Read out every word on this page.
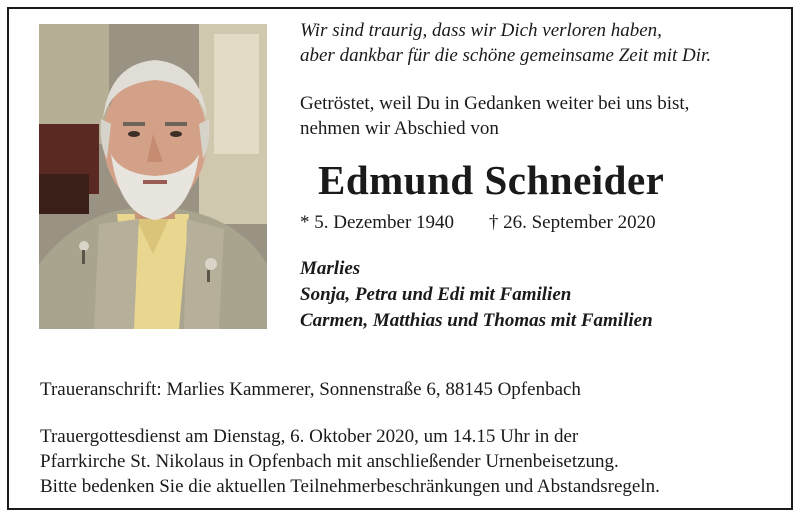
Wir sind traurig, dass wir Dich verloren haben,
aber dankbar für die schöne gemeinsame Zeit mit Dir.
Getröstet, weil Du in Gedanken weiter bei uns bist,
nehmen wir Abschied von
Edmund Schneider
* 5. Dezember 1940 † 26. September 2020
Marlies
Sonja, Petra und Edi mit Familien
Carmen, Matthias und Thomas mit Familien
Traueranschrift: Marlies Kammerer, Sonnenstraße 6, 88145 Opfenbach
Trauergottesdienst am Dienstag, 6. Oktober 2020, um 14.15 Uhr in der
Pfarrkirche St. Nikolaus in Opfenbach mit anschließender Urnenbeisetzung.
Bitte bedenken Sie die aktuellen Teilnehmerbeschränkungen und Abstandsregeln.
